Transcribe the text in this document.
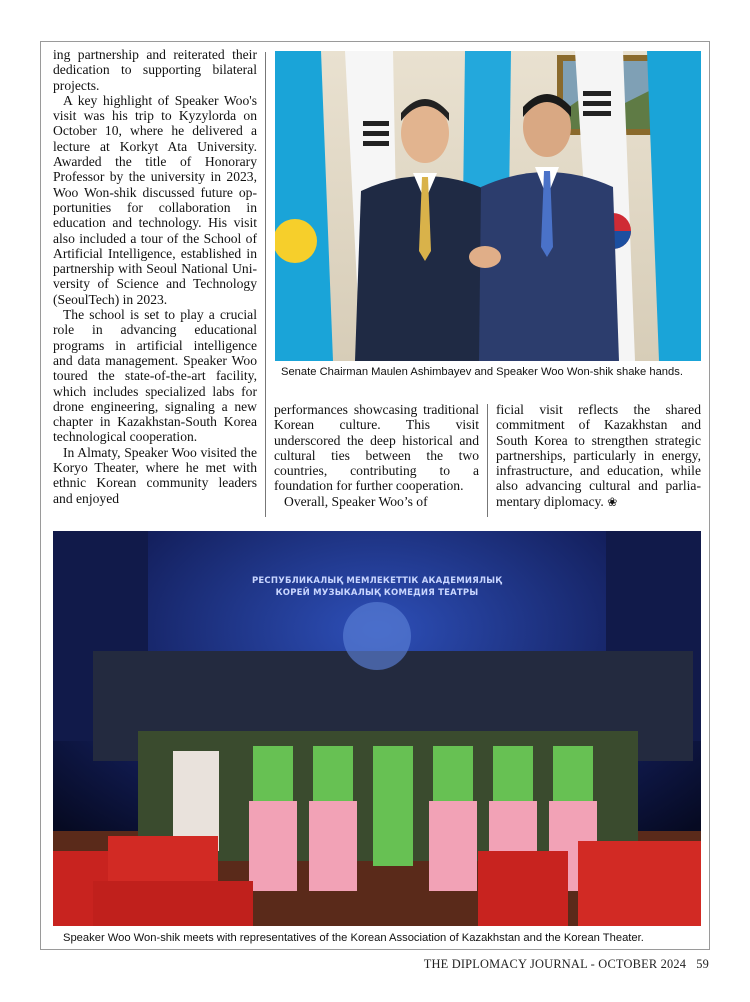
ing partnership and reiterated their dedication to supporting bilateral projects.

A key highlight of Speaker Woo's visit was his trip to Kyzylorda on October 10, where he delivered a lecture at Korkyt Ata University. Awarded the title of Honorary Professor by the university in 2023, Woo Won-shik discussed future opportunities for collaboration in education and technology. His visit also included a tour of the School of Artificial Intelligence, established in partnership with Seoul National University of Science and Technology (SeoulTech) in 2023.

The school is set to play a crucial role in advancing educational programs in artificial intelligence and data management. Speaker Woo toured the state-of-the-art facility, which includes specialized labs for drone engineering, signaling a new chapter in Kazakhstan-South Korea technological cooperation.

In Almaty, Speaker Woo visited the Koryo Theater, where he met with ethnic Korean community leaders and enjoyed

Senate Chairman Maulen Ashimbayev and Speaker Woo Won-shik shake hands.

performances showcasing traditional Korean culture. This visit underscored the deep historical and cultural ties between the two countries, contributing to a foundation for further cooperation.

Overall, Speaker Woo’s of

ficial visit reflects the shared commitment of Kazakhstan and South Korea to strengthen strategic partnerships, particularly in energy, infrastructure, and education, while also advancing cultural and parliamentary diplomacy. ❀

РЕСПУБЛИКАЛЫҚ МЕМЛЕКЕТТІК АКАДЕМИЯЛЫҚ
КОРЕЙ МУЗЫКАЛЫҚ КОМЕДИЯ ТЕАТРЫ
Speaker Woo Won-shik meets with representatives of the Korean Association of Kazakhstan and the Korean Theater.
THE DIPLOMACY JOURNAL - OCTOBER 2024 59
